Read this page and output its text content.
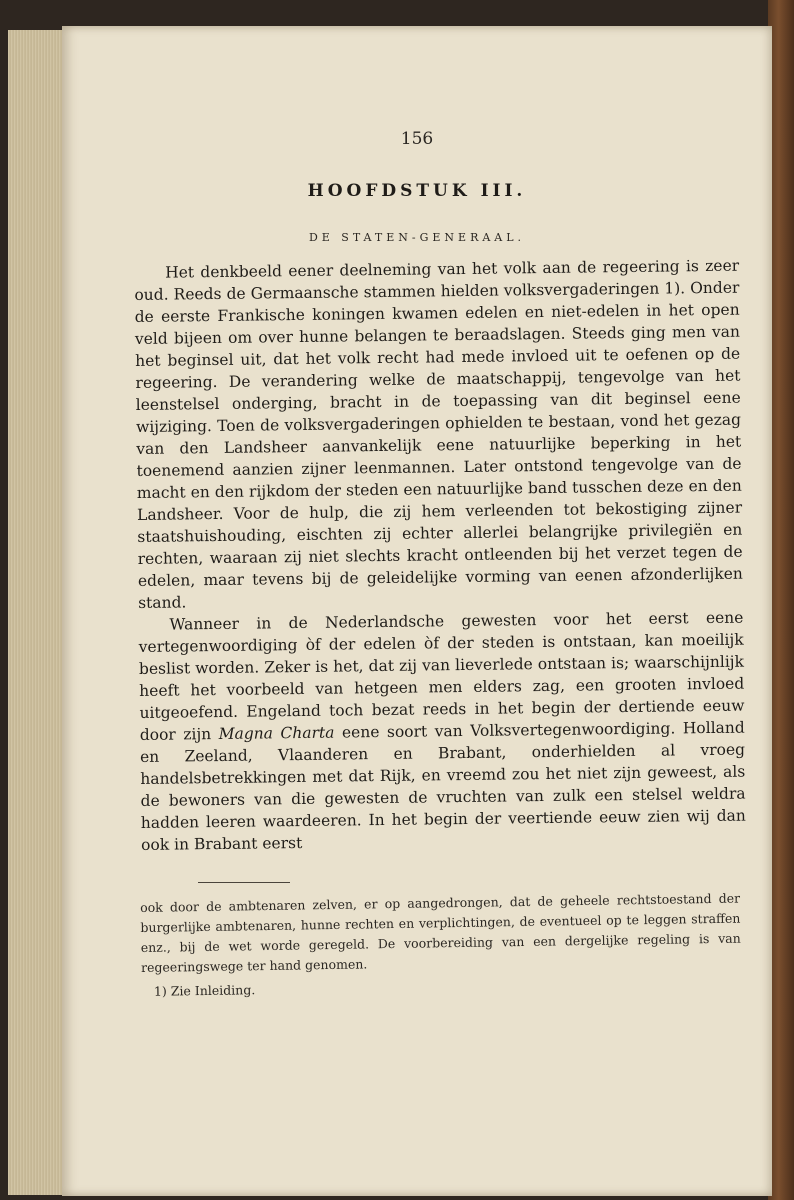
156
HOOFDSTUK III.
DE STATEN-GENERAAL.

Het denkbeeld eener deelneming van het volk aan de regeering is zeer oud. Reeds de Germaansche stammen hielden volksvergaderingen 1). Onder de eerste Frankische koningen kwamen edelen en niet-edelen in het open veld bijeen om over hunne belangen te beraadslagen. Steeds ging men van het beginsel uit, dat het volk recht had mede invloed uit te oefenen op de regeering. De verandering welke de maatschappij, tengevolge van het leenstelsel onderging, bracht in de toepassing van dit beginsel eene wijziging. Toen de volksvergaderingen ophielden te bestaan, vond het gezag van den Landsheer aanvankelijk eene natuurlijke beperking in het toenemend aanzien zijner leenmannen. Later ontstond tengevolge van de macht en den rijkdom der steden een natuurlijke band tusschen deze en den Landsheer. Voor de hulp, die zij hem verleenden tot bekostiging zijner staatshuishouding, eischten zij echter allerlei belangrijke privilegiën en rechten, waaraan zij niet slechts kracht ontleenden bij het verzet tegen de edelen, maar tevens bij de geleidelijke vorming van eenen afzonderlijken stand.

Wanneer in de Nederlandsche gewesten voor het eerst eene vertegenwoordiging òf der edelen òf der steden is ontstaan, kan moeilijk beslist worden. Zeker is het, dat zij van lieverlede ontstaan is; waarschijnlijk heeft het voorbeeld van hetgeen men elders zag, een grooten invloed uitgeoefend. Engeland toch bezat reeds in het begin der dertiende eeuw door zijn Magna Charta eene soort van Volksvertegenwoordiging. Holland en Zeeland, Vlaanderen en Brabant, onderhielden al vroeg handelsbetrekkingen met dat Rijk, en vreemd zou het niet zijn geweest, als de bewoners van die gewesten de vruchten van zulk een stelsel weldra hadden leeren waardeeren. In het begin der veertiende eeuw zien wij dan ook in Brabant eerst

ook door de ambtenaren zelven, er op aangedrongen, dat de geheele rechtstoestand der burgerlijke ambtenaren, hunne rechten en verplichtingen, de eventueel op te leggen straffen enz., bij de wet worde geregeld. De voorbereiding van een dergelijke regeling is van regeeringswege ter hand genomen.

1) Zie Inleiding.
